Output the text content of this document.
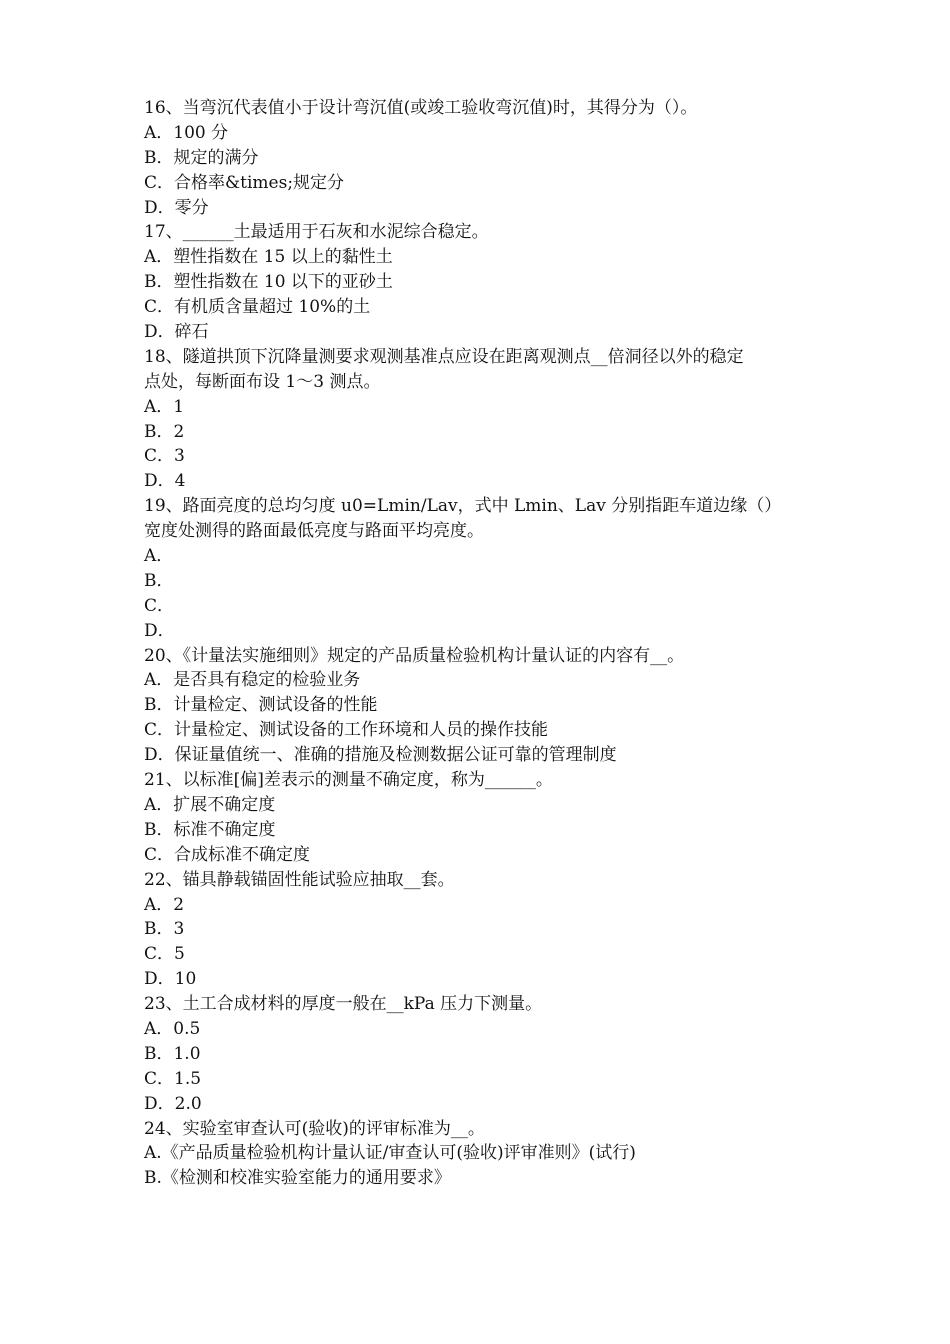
16、当弯沉代表值小于设计弯沉值(或竣工验收弯沉值)时，其得分为（）。
A．100 分
B．规定的满分
C．合格率&times;规定分
D．零分
17、______土最适用于石灰和水泥综合稳定。
A．塑性指数在 15 以上的黏性土
B．塑性指数在 10 以下的亚砂土
C．有机质含量超过 10%的土
D．碎石
18、隧道拱顶下沉降量测要求观测基准点应设在距离观测点__倍洞径以外的稳定
点处，每断面布设 1～3 测点。
A．1
B．2
C．3
D．4
19、路面亮度的总均匀度 u0=Lmin/Lav，式中 Lmin、Lav 分别指距车道边缘（）
宽度处测得的路面最低亮度与路面平均亮度。
A．
B．
C．
D．
20、《计量法实施细则》规定的产品质量检验机构计量认证的内容有__。
A．是否具有稳定的检验业务
B．计量检定、测试设备的性能
C．计量检定、测试设备的工作环境和人员的操作技能
D．保证量值统一、准确的措施及检测数据公证可靠的管理制度
21、以标准[偏]差表示的测量不确定度，称为______。
A．扩展不确定度
B．标准不确定度
C．合成标准不确定度
22、锚具静载锚固性能试验应抽取__套。
A．2
B．3
C．5
D．10
23、土工合成材料的厚度一般在__kPa 压力下测量。
A．0.5
B．1.0
C．1.5
D．2.0
24、实验室审查认可(验收)的评审标准为__。
A.《产品质量检验机构计量认证/审查认可(验收)评审准则》(试行)
B.《检测和校准实验室能力的通用要求》
